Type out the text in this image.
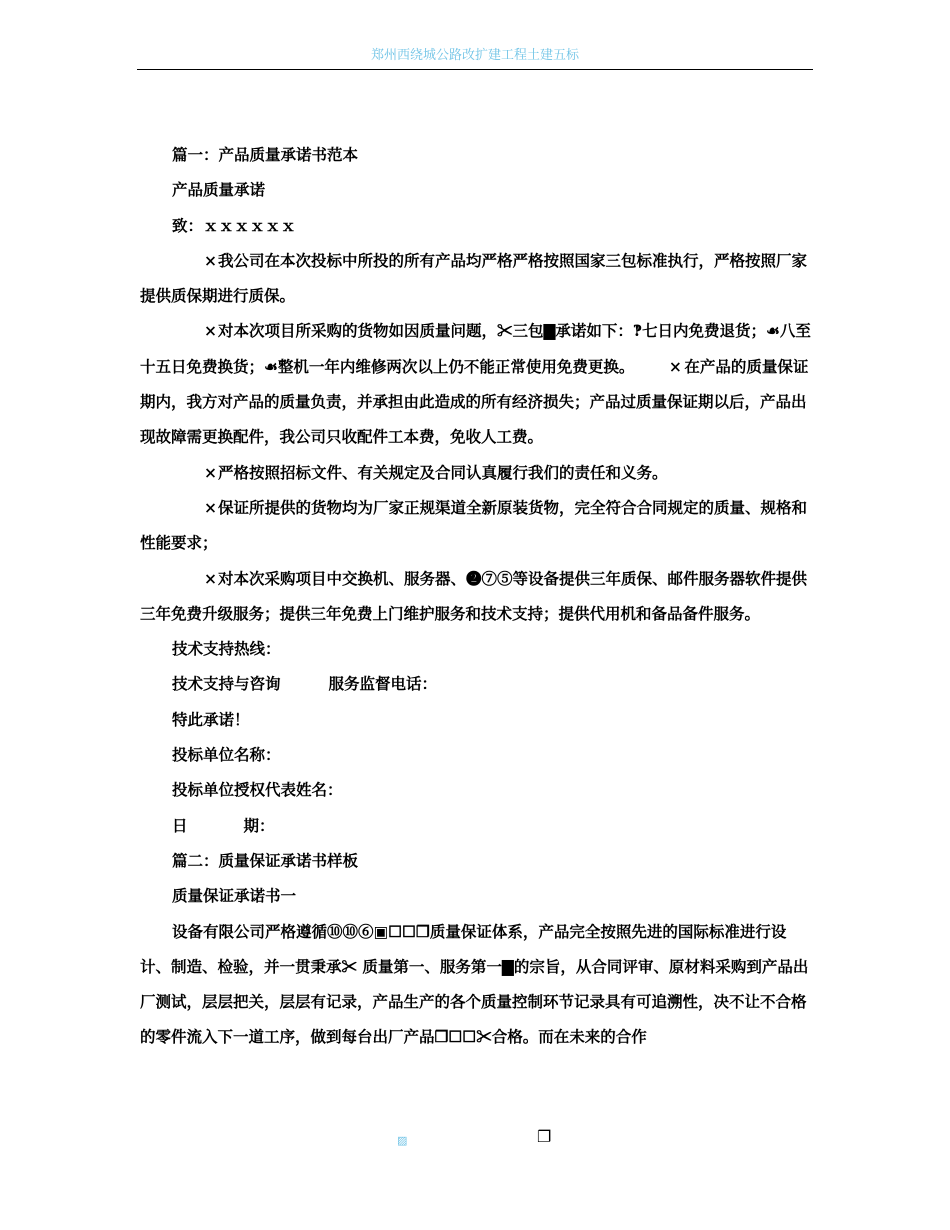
郑州西绕城公路改扩建工程土建五标

篇一：产品质量承诺书范本

产品质量承诺

致：ｘｘｘｘｘｘ

×我公司在本次投标中所投的所有产品均严格严格按照国家三包标准执行，严格按照厂家提供质保期进行质保。

×对本次项目所采购的货物如因质量问题，✂三包▇承诺如下：‽七日内免费退货；☙八至十五日免费换货；☙整机一年内维修两次以上仍不能正常使用免费更换。 × 在产品的质量保证期内，我方对产品的质量负责，并承担由此造成的所有经济损失；产品过质量保证期以后，产品出现故障需更换配件，我公司只收配件工本费，免收人工费。

×严格按照招标文件、有关规定及合同认真履行我们的责任和义务。

×保证所提供的货物均为厂家正规渠道全新原装货物，完全符合合同规定的质量、规格和性能要求；

×对本次采购项目中交换机、服务器、❷⑦⑤等设备提供三年质保、邮件服务器软件提供三年免费升级服务；提供三年免费上门维护服务和技术支持；提供代用机和备品备件服务。

技术支持热线：

技术支持与咨询	服务监督电话：

特此承诺！

投标单位名称：

投标单位授权代表姓名：

日	期：

篇二：质量保证承诺书样板

质量保证承诺书一

设备有限公司严格遵循⑩⑩⑥▣☐☐❐质量保证体系，产品完全按照先进的国际标准进行设计、制造、检验，并一贯秉承✂ 质量第一、服务第一▇的宗旨，从合同评审、原材料采购到产品出厂测试，层层把关，层层有记录，产品生产的各个质量控制环节记录具有可追溯性，决不让不合格的零件流入下一道工序，做到每台出厂产品❐☐☐✂合格。而在未来的合作

▨	❐
